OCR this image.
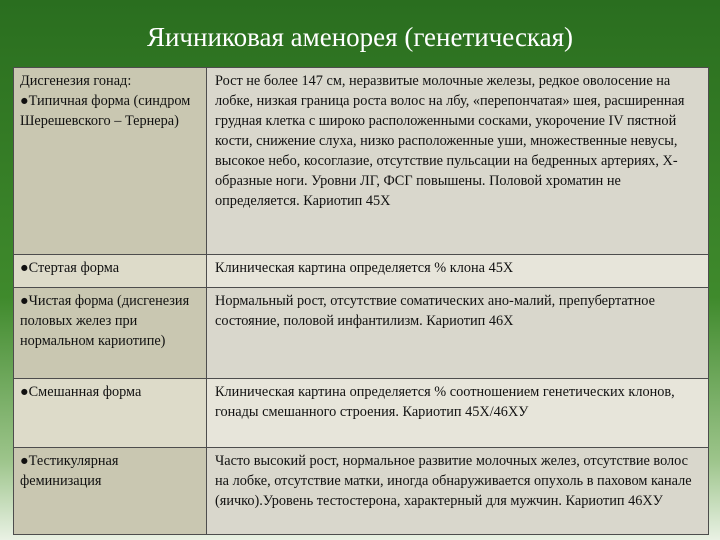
Яичниковая аменорея (генетическая)
Дисгенезия гонад:
●Типичная форма (синдром Шерешевского – Тернера)	Рост не более 147 см, неразвитые молочные железы, редкое оволосение на лобке, низкая граница роста волос на лбу, «перепончатая» шея, расширенная грудная клетка с широко расположенными сосками, укорочение IV пястной кости, снижение слуха, низко расположенные уши, множественные невусы, высокое небо, косоглазие, отсутствие пульсации на бедренных артериях, Х-образные ноги. Уровни ЛГ, ФСГ повышены. Половой хроматин не определяется. Кариотип 45Х
●Стертая форма	Клиническая картина определяется % клона 45Х
●Чистая форма (дисгенезия половых желез при нормальном кариотипе)	Нормальный рост, отсутствие соматических ано-малий, препубертатное состояние, половой инфантилизм. Кариотип 46Х
●Смешанная форма	Клиническая картина определяется % соотношением генетических клонов, гонады смешанного строения. Кариотип 45Х/46ХУ
●Тестикулярная феминизация	Часто высокий рост, нормальное развитие молочных желез, отсутствие волос на лобке, отсутствие матки, иногда обнаруживается опухоль в паховом канале (яичко).Уровень тестостерона, характерный для мужчин. Кариотип 46ХУ
